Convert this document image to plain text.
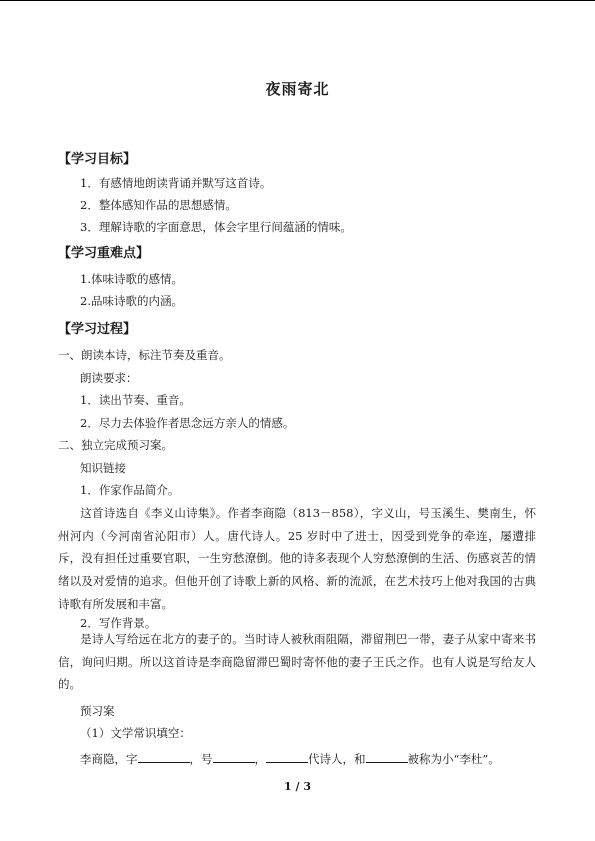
夜雨寄北
【学习目标】
1．有感情地朗读背诵并默写这首诗。
2．整体感知作品的思想感情。
3．理解诗歌的字面意思，体会字里行间蕴涵的情味。
【学习重难点】
1.体味诗歌的感情。
2.品味诗歌的内涵。
【学习过程】
一、朗读本诗，标注节奏及重音。
朗读要求：
1．读出节奏、重音。
2．尽力去体验作者思念远方亲人的情感。
二、独立完成预习案。
知识链接
1．作家作品简介。
这首诗选自《李义山诗集》。作者李商隐（813－858），字义山，号玉溪生、樊南生，怀州河内（今河南省沁阳市）人。唐代诗人。25 岁时中了进士，因受到党争的牵连，屡遭排斥，没有担任过重要官职，一生穷愁潦倒。他的诗多表现个人穷愁潦倒的生活、伤感哀苦的情绪以及对爱情的追求。但他开创了诗歌上新的风格、新的流派，在艺术技巧上他对我国的古典诗歌有所发展和丰富。
2．写作背景。
是诗人写给远在北方的妻子的。当时诗人被秋雨阻隔，滞留荆巴一带，妻子从家中寄来书信，询问归期。所以这首诗是李商隐留滞巴蜀时寄怀他的妻子王氏之作。也有人说是写给友人的。
预习案
（1）文学常识填空：
李商隐，字	，号	，	代诗人，和	被称为小“李杜”。
1 / 3
